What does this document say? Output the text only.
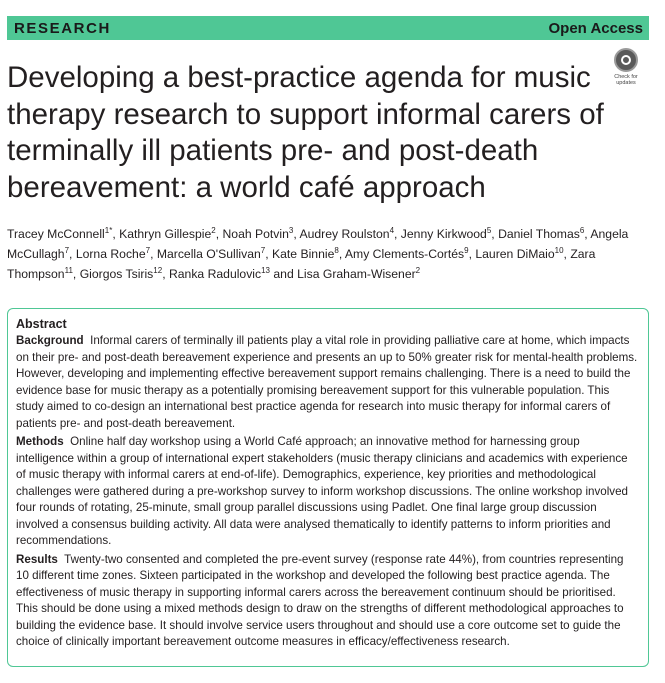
RESEARCH	Open Access
Check for
updates
Developing a best-practice agenda for music therapy research to support informal carers of terminally ill patients pre- and post-death bereavement: a world café approach
Tracey McConnell$^{1*}$, Kathryn Gillespie$^2$, Noah Potvin$^3$, Audrey Roulston$^4$, Jenny Kirkwood$^5$, Daniel Thomas$^6$, Angela McCullagh$^7$, Lorna Roche$^7$, Marcella O'Sullivan$^7$, Kate Binnie$^8$, Amy Clements-Cortés$^9$, Lauren DiMaio$^{10}$, Zara Thompson$^{11}$, Giorgos Tsiris$^{12}$, Ranka Radulovic$^{13}$ and Lisa Graham-Wisener$^2$
Abstract

Background Informal carers of terminally ill patients play a vital role in providing palliative care at home, which impacts on their pre- and post-death bereavement experience and presents an up to 50% greater risk for mental-health problems. However, developing and implementing effective bereavement support remains challenging. There is a need to build the evidence base for music therapy as a potentially promising bereavement support for this vulnerable population. This study aimed to co-design an international best practice agenda for research into music therapy for informal carers of patients pre- and post-death bereavement.

Methods Online half day workshop using a World Café approach; an innovative method for harnessing group intelligence within a group of international expert stakeholders (music therapy clinicians and academics with experience of music therapy with informal carers at end-of-life). Demographics, experience, key priorities and methodological challenges were gathered during a pre-workshop survey to inform workshop discussions. The online workshop involved four rounds of rotating, 25-minute, small group parallel discussions using Padlet. One final large group discussion involved a consensus building activity. All data were analysed thematically to identify patterns to inform priorities and recommendations.

Results Twenty-two consented and completed the pre-event survey (response rate 44%), from countries representing 10 different time zones. Sixteen participated in the workshop and developed the following best practice agenda. The effectiveness of music therapy in supporting informal carers across the bereavement continuum should be prioritised. This should be done using a mixed methods design to draw on the strengths of different methodological approaches to building the evidence base. It should involve service users throughout and should use a core outcome set to guide the choice of clinically important bereavement outcome measures in efficacy/effectiveness research.
